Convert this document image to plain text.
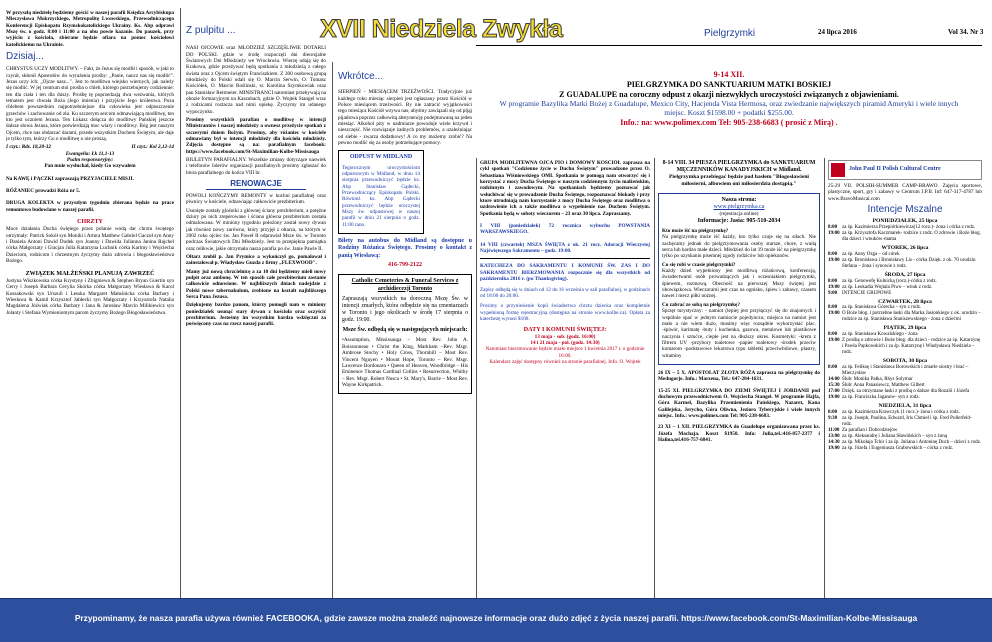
XVII Niedziela Zwykła	Pielgrzymki	24 lipca 2016	Vol 34. Nr 3
W przyszłą niedzielę będziemy gościć w naszej parafii Księdza Arcybiskupa Mieczysława Mokrzyckiego, Metropolitę Lwowskiego, Przewodniczącego Konferencji Episkopatu Rzymskokatolickiego Ukrainy. Ks. Abp odprawi Mszę św. o godz. 8:00 i 11:00 a na obu powie kazanie. Do pauzek, przy wyjściu z kościoła, zbierane będzie ofiara na pomoc kościołowi katolickiemu na Ukrainie.
Dzisiaj...
CHRYSTUS UCZY MODLITWY. – Fakt, że Jezus się modlił i sposób, w jaki to czynił, skłonił Apostołów do wyrażenia prośby: „Panie, naucz nas się modlić". Jezus uczy ich: „Ojcze nasz...". Jest to modlitwa wiejsko wiernych, jak należy się modlić. W jej centrum stoi prośba o chleb, którego potrzebujemy codziennie: ten dla ciała i ten dla duszy. Prośbę tę poprzedzają dwa wezwania, których tematem jest chwała Boża (Jego imienia) i przyjście Jego królestwa. Poza chlebem powszednim najpotrzebniejsze dla człowieka jest odpuszczenie grzechów i zachowanie od zła. Ku szczerym sercom odmawiającą modlitwę, ten kto jest uczniem Jezusa. Ten Łukasz dołącza do modlitwy Pańskiej jeszcze dalsze słowa Jezusa, które potwierdzają moc wiary i modlitwy. Bóg jest naszym Ojcem, chce nas obdarzać darami, przede wszystkim Duchem Świętym, ale daje je tylko tym, którzy Go o modlitwę o nie proszą.
I czyt.: Rdz. 18,20-32	II czyt.: Kol 2,12-14
Ewangelia: Łk 11,1-13
Psalm responsoryjny:
Pan mnie wysłuchał, kiedy Go wzywałem
Na KAWĘ i PĄCZKI zapraszają PRZYJACIELE MISJI.
RÓŻANIEC prowadzi Róża nr 5.
DRUGA KOLEKTA w przyszłym tygodniu zbierana będzie na prace remontowo budowlane w naszej parafii.
CHRZTY
Moce działania Ducha świętego przez polanie wodą dar chrztu świętego otrzymały: Patrick Sokół syn Moniki i Artura Matthew Gabriel Gaczoł syn Anny i Daniela Antoni Dawid Dudek syn Joanny i Dawida Julianna Janina Rajchel córka Małgorzaty i Gracjan Julia Katarzyna Luchnik córka Karimy i Wojciecha Dzieciom, rodzicom i chrzestnym życzymy dużo zdrowia i błogosławieństwa Bożego.
ZWIĄZEK MAŁŻEŃSKI PLANUJĄ ZAWRZEĆ
Justyna Wiszkowska córka Krystyny i Zbigniewa & Stephen Bryan Guertin syn Gerry i Joseph Barbara Cecylia Skórka córka Małgorzaty Wiesława & Karol Kossakowski syn Urszuli i Lesska Margaret Małuśnicka córka Barbary i Wiesława & Kamil Krzysztof Jabłecki syn Małgorzaty i Krzysztofa Natalia Magdalena Jóźwiak córka Barbary i Jana & Jarosław Marcin Milikiewicz syn Jolanty i Stefana Wymieniomym parom życzymy Bożego Błogosławieństwa.
Z pulpitu ...
NASI OJCOWIE oraz MŁODZIEŻ SZCZĘŚLIWIE DOTARLI DO POLSKI. gdzie w środę rozpoczęli dni diecezjalne Światowych Dni Młodzieży we Wrocławiu. Wierzę udają się do Krakowa, gdzie przeżywać będą spotkania z młodzieżą z całego świata oraz z Ojcem świętym Franciszkiem. Z 300 osobową grupą młodzieży do Polski udali się O. Marcin Serwin, O. Tomasz Kościółek, O. Marcin Roślinski, sr. Karolina Szymkowiak oraz pan Stanisław Reitmeier. MINISTRANCI natomiast przebywają na obozie formacyjnym na Kaszubach, gdzie O. Wojtek Stangel wraz z rodzicami roztacza nad nimi opiekę. Życzymy im udanego wypoczynku.
Prosimy wszystkich parafian o modlitwę w intencji Ministrantów i naszej młodzieży a ownesz przeżycie spotkań z szczerymi dniem Bożym. Prosimy, aby różaniec w kościele odmawiany był w intencji młodzieży dla kościoła młodzieży. Zdjęcia dostępne są na: parafialnym facebook: https://www.facebook.com/St-Maximilian-Kolbe-Missisauga
BIULETYN PARAFIALNY. Wszelkie zmiany dotyczące naswiek i telefonów liderów organizacji parafialnych prosimy zgłaszać do biura parafialnego do końca VIII br.
RENOWACJE
POWOLI KOŃCZYMY REMONTY w kuchni parafialnej oraz piwnicy w kościele, odnawiając całkowicie prezbiterium.
Usunięte zostały glośniki z głównej ściany prezbiterium, a potężne dziury po nich zreperowane i ściana główna prezbiterium została odmalowana. W miniony tygodniu położony został nowy dywan jak również nowy zarówno, który przyjęł z ołtarza, na którym w 2002 roku ojciec św. Jan Paweł II odprawiał Msze św. w Toronto podczas Światowych Dni Młodzieży. Jest to przepiękna pamiątka oraz relikwie, jakie otrzymała nasza parafia po św. Janie Pawle II.
Ołtarz zrobił p. Jan Prymice a wykończył go, pomalował i zainstalował p. Władysław Guzda z firmy „FLEXWOOD".
Mamy już nową chrzcielnicę a za 10 dni będziemy mieli nowy pulpit oraz ambonę. W ten sposób całe prezbiterium zostanie całkowicie odnowione. W najbliższych dniach nadejdzie z Polski nowe tabernakulum, zrobione na kształt najbliższego Serca Pana Jezusa.
Dziękujemy bardzo panom, którzy pomogli nam w miniony poniedziałek usunąć stary dywan z kościoła oraz oczyścić prezbiterium. Jesteśmy im wszystkim bardzo wdzięczni za poświęcony czas na rzecz naszej parafii.
Wkrótce...
SIERPIEŃ - MIESIĄCEM TRZEŹWOŚCI. Tradycyjnie już każdego roku miesiąc sierpień jest ogłaszany przez Kościół w Polsce miesiącem trzeźwości. By nie zatracić wyjątkowości tego miesiąca Kościół wzywa nas, abyśmy zawiązali się od pljąj pijaństwa poprzez całkowitą abstynencję podejmowaną na jeden miesiąc. Alkohol pity w nadmiarze powoduje wiele krzywd i nieszczęść. Nie rozwiązuje żadnych problemów, a uzależniając od siebie - zwarza dodatkowy! A co my możemy zrobić? Na pewno modlić się za osoby potrzebujące pomocy.
ODPUST W MIDLAND
Tegorocznym uroczystościom odpustowym w Midland, w dniu 14 sierpnia przewodniczyć będzie ks. Abp Stanisław Gądecki, Przewodniczący Episkopatu Polski. Również ks. Abp Gądecki przewodniczyć będzie uroczystej Mszy św. odpustowej w naszej parafii w dniu 21 sierpnia o godz. 11:00 rano.
Bilety na autobus do Midland są dostępne u Rodziny Różańca Świętego. Prosimy o kontakt z panią Wiesławą:
416-799-2122
Catholic Cemeteries & Funeral Services z archidiecezji Toronto
Zapraszają wszystkich na doroczną Mszę Św. w intencji zmarłych, która odbędzie się na cmentarzach w Toronto i jego okolicach w środę 17 sierpnia o godz. 19:00.
Msze Św. odbędą się w następujących miejscach:
•Assumption, Mississauga – Most Rev. John A. Boissonneau • Christ the King, Markham –Rev. Msgr. Ambrose Stochy • Holy Cross, Thornhill – Most Rev. Vincent Nguyen • Mount Hope, Toronto – Rev. Msgr. Lawrence Bordonaro • Queen of Heaven, Woodbridge – His Eminence Thomas Cardinal Collins • Resurrection, Whitby – Rev. Msgr. Robert Nusca • St. Mary's, Barrie – Most Rev. Wayne Kirkpatrick.
9-14 XII.
PIELGRZYMKA DO SANKTUARIUM MATKI BOSKIEJ
Z GUADALUPE na coroczny odpust z okazji niezwykłych uroczystości związanych z objawieniami.
W programie Bazylika Matki Bożej z Guadalupe, Mexico City, Hacjenda Vista Hermosa, oraz zwiedzanie największych piramid Ameryki i wiele innych miejsc. Koszt $1598.00 + podatki $255.00.
Info.: na: www.polimex.com Tel: 905-238-6683 ( prosić z Mirą) .
GRUPA MODLITEWNA OJCA PIO i DOMOWY KOŚCIÓŁ zaprasza na cykl spotkań "Codzienne życie w Duchu Świętym" prowadzone przez O. Sebastiana Wiśniowskiego OMI. Spotkania te pomogą nam otworzyć się i korzystać z mocy Ducha Świętego w naszym codziennym życiu małżeńskim, rodzinnym i zawodowym. Na spotkaniach będziemy poznawać jak wsłuchiwać się w prowadzenie Ducha Świętego, rozpoznawać blokady i przy ktore utrudniają nam korzystanie z mocy Ducha Świętego oraz modlitwa o uzdrowienie ich a także modlitwa o wypełnienie nas Duchem Świętym. Spotkania będą w soboty wieczorem – 23 oraz 30 lipca. Zapraszamy.
I VIII (poniedziałek) 72 rocznica wybuchu POWSTANIA WARSZAWSKIEGO.
14 VIII (czwartek) MSZA ŚWIĘTA z ok. 21 rocz. Adoracji Wieczystej Najświętszego Sakramentu – godz. 19:00.
KATECHEZA DO SAKRAMENTU I KOMUNII ŚW. ZAS I DO SAKRAMENTU BIERZMOWANIA rozpocznie się dla wszystkich od października 2016 r. (po Thanksgiving).
Zapisy odbędą się w dniach od 12 do 16 września w sali parafialnej, w godzinach od 18:00 do 20:00.
Prosimy o przyniesienie kopii świadectwa chrztu dziecka oraz kompletnie wypełnioną formę rejestracyjną (dostępna na stronie www.kolbe.ca). Opłata za katechezę wynosi $100.
DATY I KOMUNII ŚWIĘTEJ:
13 maja - sob. (godz. 16:00)
14 i 21 maja - pol. (godz. 14:30)
Natomiast bierzmowanie będzie miało miejsce 1 kwietnia 2017 r. o godzinie 16:00.
Kalendarz zajęć dostępny również na stronie parafialnej. Info. O. Wojtek
8-14 VIII. 34 PIESZA PIELGRZYMKA do SANKTUARIUM MĘCZENNIKÓW KANADYJSKICH w Midland.
Pielgrzymka przebiegać będzie pod hasłem "Błogosławieni miłosierni, albowiem oni miłosierdzia dostąpią."
Nasza strona:
www.pielgrzymka.ca
(rejestracja online)
Informacje: Jasia: 905-510-2034
Kto może iść na pielgrzymkę?
Na pielgrzymkę może iść każdy, kto tylko czuje się na siłach. Nie zachęcamy jednak do pielgrzymowania osoby starsze, chore, z wadą serca lub bardzo małe dzieci. Młodzież do lat 19 może iść na pielgrzymkę tylko po uzyskaniu pisemnej zgody rodziców lub opiekunów.
Co się robi w czasie pielgrzymki?
Każdy dzień wypełniony jest modlitwą różańcową, konferencją, świadectwami osób prowadzących jak i sczesniakiem pielgrzymki, śpiewem, rozmową. Obecność na pierwszej Mszy świętej jest obowiązkowa. Wieczorami jest czas na ognisko, śpiew i zabawy, czasem nawet i mecz piłki nożnej.
Co zabrać ze sobą na pielgrzymkę?
Sprzęt turystyczny: - namiot (lepiej jest przyłączyć się do znajomych i wspólnie spać w jednym namiocie pojedynczo; miejsca na namiot jest mało a nie wiem dużo, musimy więc rozsądnie wykorzystać plac. -śpiwór, karimatę -buty i kuchenka, gazowa, metalowe lub plastikowe naczynia i sztućce, ciepłe jest na dłuższy okres. Kosmetyki: -krem z filtrem UV -przybory toaletowe -papier toaletowy -środek przeciw komarom -podstawowe lekarstwa typu tabletki przeciwbólowe, plastry, witaminy
26 IX – 5 X. APOSTOLAT ZŁOTA RÓŻA zaprasza na pielgrzymkę do Medugorje. Info.: Marzena, Tel.: 647-284-1631.
15-25 XI. PIELGRZYMKA DO ZIEMI ŚWIĘTEJ I JORDANII pod duchowym przewodnictwem O. Wojciecha Stangel. W programie Hajfa, Góra Karmel, Bazylika Przemienienia Pańskiego, Nazaret, Kana Galilejska, Jerycho, Góra Oliwna, Jezioro Tyberyjskie i wiele innych miejsc. Info.: www.polimex.com Tel: 905-238-6683.
23 XI – 1 XII. PIELGRZYMKA do Guadelupe organizowana przez ks. Józefa Machaja. Koszt $1950. Info: Julia,tel.:416-857-2377 i Halina,tel.416-757-6841.
John Paul II Polish Cultural Centre
25-29 VII. POLSIH-SUMMER CAMP-BRAWO. Zajęcia sportowe, plastyczne, sport, gry i zabawy w Centrum J.P.II. Inf: 647-317-4787 lub www.BravoMusical.com
Intencje Mszalne
PONIEDZIAŁEK, 25 lipca
8:00 za śp. Kazimierza Przepiórkiewicza(12 rocz.)- żona i córka z rodz.
19:00 za śp. Krzysztofa Kaczmarek- rodzice z rodz. O zdrowie i Boże błog. dla dzieci i wnuków-mama
WTOREK, 26 lipca
8:00 za śp. Anny Ozga – od córek
19:00 za śp. Bronisława i Bronisławy Lis - córka Dzięk. z ok. 70 urodzin Stefana – żona i synowie z rodz.
ŚRODA, 27 lipca
8:00 za śp. Genowefę Kulnicką (rocz.)-córka z rodz.
19:00 za śp. Leokadia Wojtala Piwo – wnuk z rodz.
9:00 INTENCJE GRUPOWE
CZWARTEK, 28 lipca
8:00 za śp. Stanisława Górecka – syn z rodz.
19:00 O Boże błog. i potrzebne łaski dla Marka Jasionkiego z ok. urodzin – rodzice za śp. Stanisława Staniszewskiego - żona z dziećmi
PIĄTEK, 29 lipca
8:00 za śp. Stanisława Kowalskiego - żona
19:00 Z prośbą o zdrowie i Boże błog. dla dzieci - rodzice za śp. Katarzynę i Pawła Papkowskich i za śp. Katarzynę i Władysława Niedziela – rodz.
SOBOTA, 30 lipca
8:00 za śp. Feliksę i Stanisława Borowskich i zmarłe siostry i brać – Mieczysław
14:00 Ślub: Monika Pałka, Rhys Solymar
15:30 Ślub: Anna Panasiewcz, Matthew Gilbert
17:00 Dzięk. za otrzymane łaski z prośbą o dalsze dla Rozalii i Józefa
19:00 za śp. Franciszka Jaganow- syn z rodz.
NIEDZIELA, 31 lipca
8:00 za śp. Kazimierza Krawczyk (1 rocz.)- żona i córka z rodz.
9:30 za śp. Joseph, Paulina, Edward, Iris Chmiel i śp. Fred Pollerfeld- rodz.
11:00 Za parafian i Dobrodziejów
13:00 za śp. Aleksandrę i Juliana Sławińskich – syn z żoną
14:30 za śp. Mikołaja Tchir i za śp. Juliana i Antoninę Duch – dzieci z rodz.
19:00 za śp. Józefa i Eugeniusza Grabowskich – córka z rodz.
Przypominamy, że nasza parafia używa również FACEBOOKA, gdzie zawsze można znaleźć najnowsze informacje oraz dużo zdjęć z życia naszej parafii. https://www.facebook.com/St-Maximilian-Kolbe-Missisauga
